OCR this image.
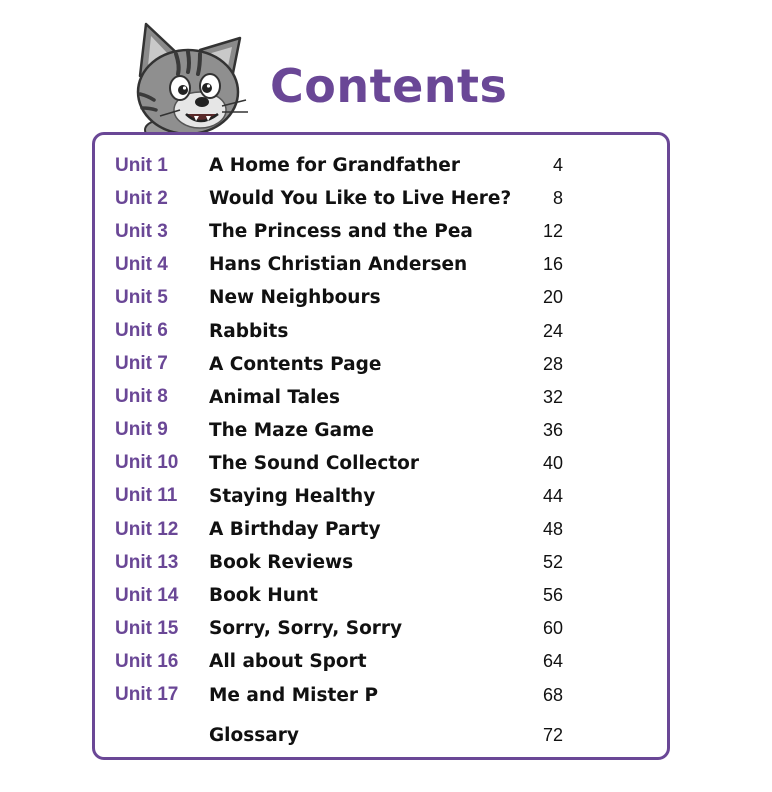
Contents
Unit 1 A Home for Grandfather	4
Unit 2 Would You Like to Live Here? 8
Unit 3 The Princess and the Pea	12
Unit 4 Hans Christian Andersen	16
Unit 5 New Neighbours	20
Unit 6 Rabbits	24
Unit 7 A Contents Page	28
Unit 8 Animal Tales	32
Unit 9 The Maze Game	36
Unit 10 The Sound Collector	40
Unit 11 Staying Healthy	44
Unit 12 A Birthday Party	48
Unit 13 Book Reviews	52
Unit 14 Book Hunt	56
Unit 15 Sorry, Sorry, Sorry	60
Unit 16 All about Sport	64
Unit 17 Me and Mister P	68
Glossary	72
